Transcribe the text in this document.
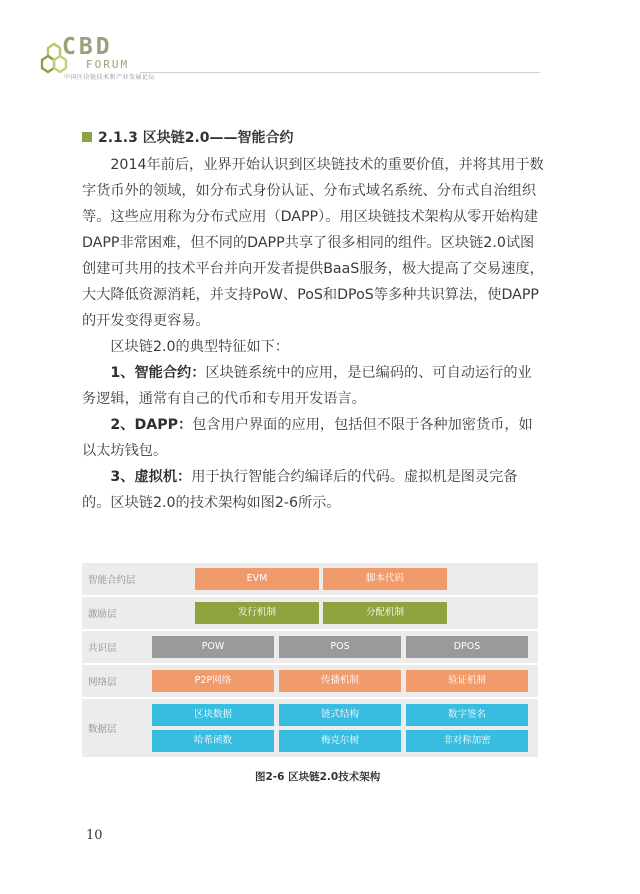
CBD
FORUM
中国区块链技术和产业发展论坛
2.1.3 区块链2.0——智能合约
2014年前后，业界开始认识到区块链技术的重要价值，并将其用于数字货币外的领域，如分布式身份认证、分布式域名系统、分布式自治组织等。这些应用称为分布式应用（DAPP）。用区块链技术架构从零开始构建DAPP非常困难，但不同的DAPP共享了很多相同的组件。区块链2.0试图创建可共用的技术平台并向开发者提供BaaS服务，极大提高了交易速度，大大降低资源消耗，并支持PoW、PoS和DPoS等多种共识算法，使DAPP的开发变得更容易。
区块链2.0的典型特征如下：
1、智能合约：区块链系统中的应用，是已编码的、可自动运行的业务逻辑，通常有自己的代币和专用开发语言。
2、DAPP：包含用户界面的应用，包括但不限于各种加密货币，如以太坊钱包。
3、虚拟机：用于执行智能合约编译后的代码。虚拟机是图灵完备的。 区块链2.0的技术架构如图2-6所示。
智能合约层	EVM	脚本代码
激励层	发行机制	分配机制
共识层	POW	POS	DPOS
网络层	P2P网络	传播机制	验证机制
数据层
区块数据	链式结构	数字签名
哈希函数	梅克尔树	非对称加密
图2-6 区块链2.0技术架构
10
